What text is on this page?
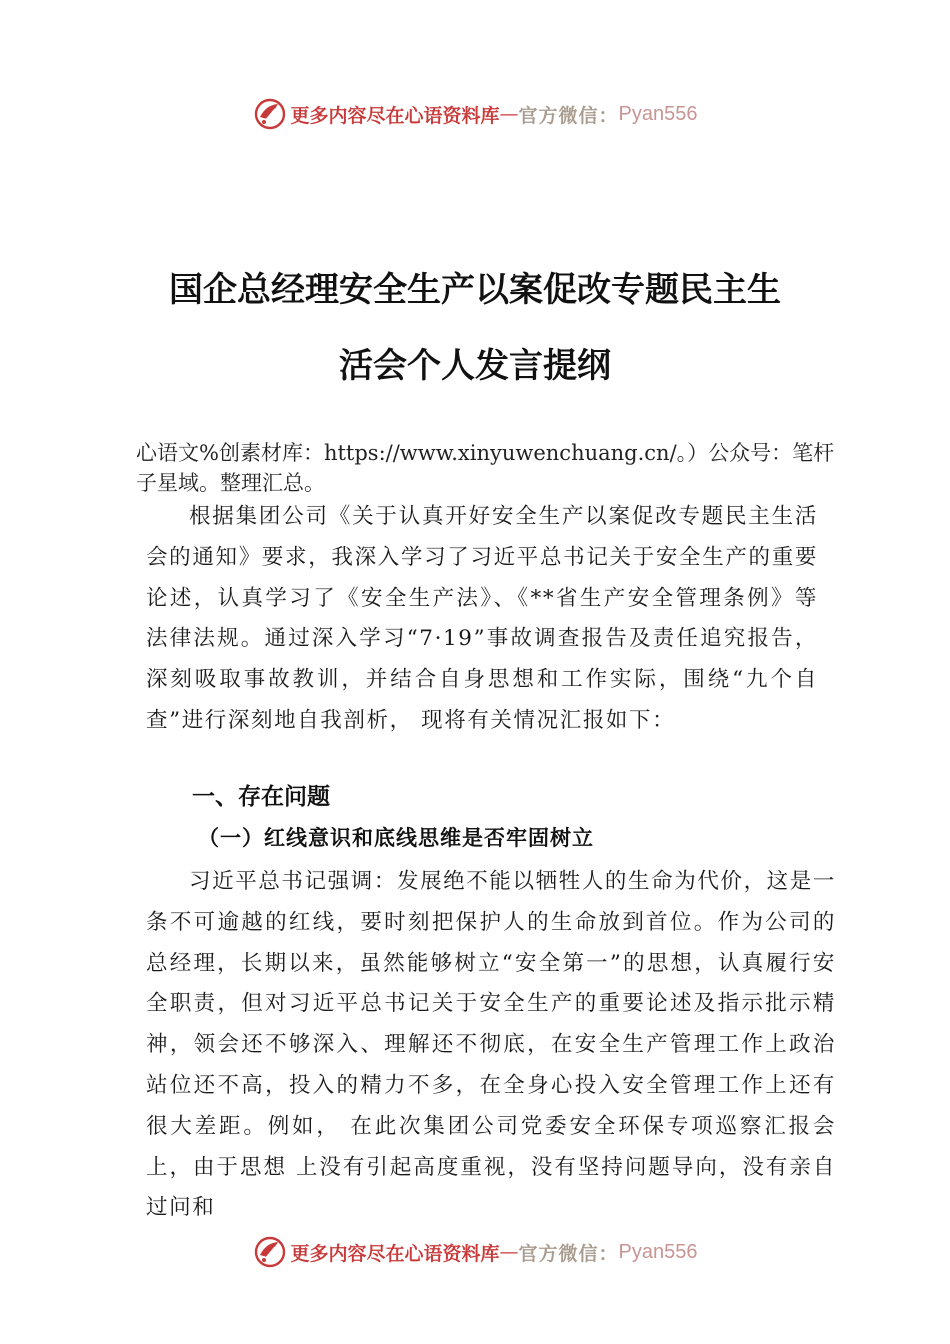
更多内容尽在心语资料库 — 官方微信： Pyan556
国企总经理安全生产以案促改专题民主生
活会个人发言提纲
心语文%创素材库：https://www.xinyuwenchuang.cn/。）公众号：笔杆子星域。整理汇总。
根据集团公司《关于认真开好安全生产以案促改专题民主生活会的通知》要求，我深入学习了习近平总书记关于安全生产的重要论述，认真学习了《安全生产法》、《**省生产安全管理条例》等法律法规。通过深入学习“7·19”事故调查报告及责任追究报告，深刻吸取事故教训，并结合自身思想和工作实际，围绕“九个自查”进行深刻地自我剖析， 现将有关情况汇报如下：
一、存在问题
（一）红线意识和底线思维是否牢固树立
习近平总书记强调：发展绝不能以牺牲人的生命为代价，这是一条不可逾越的红线，要时刻把保护人的生命放到首位。作为公司的总经理，长期以来，虽然能够树立“安全第一”的思想，认真履行安全职责，但对习近平总书记关于安全生产的重要论述及指示批示精神，领会还不够深入、理解还不彻底，在安全生产管理工作上政治站位还不高，投入的精力不多，在全身心投入安全管理工作上还有很大差距。例如， 在此次集团公司党委安全环保专项巡察汇报会上，由于思想 上没有引起高度重视，没有坚持问题导向，没有亲自过问和
更多内容尽在心语资料库 — 官方微信： Pyan556
